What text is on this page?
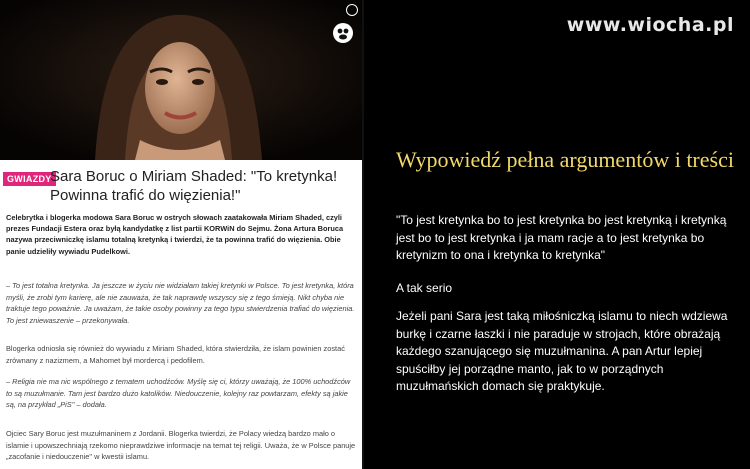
GWIAZDY
Sara Boruc o Miriam Shaded: "To kretynka! Powinna trafić do więzienia!"
Celebrytka i blogerka modowa Sara Boruc w ostrych słowach zaatakowała Miriam Shaded, czyli prezes Fundacji Estera oraz byłą kandydatkę z list partii KORWiN do Sejmu. Żona Artura Boruca nazywa przeciwniczkę islamu totalną kretynką i twierdzi, że ta powinna trafić do więzienia. Obie panie udzieliły wywiadu Pudelkowi.
– To jest totalna kretynka. Ja jeszcze w życiu nie widziałam takiej kretynki w Polsce. To jest kretynka, która myśli, że zrobi tym karierę, ale nie zauważa, że tak naprawdę wszyscy się z tego śmieją. Nikt chyba nie traktuje tego poważnie. Ja uważam, że takie osoby powinny za tego typu stwierdzenia trafiać do więzienia. To jest zniewaszenie – przekonywała.
Blogerka odniosła się również do wywiadu z Miriam Shaded, która stwierdziła, że islam powinien zostać zrównany z nazizmem, a Mahomet był mordercą i pedofilem.
– Religia nie ma nic wspólnego z tematem uchodźców. Myślę się ci, którzy uważają, że 100% uchodźców to są muzułmanie. Tam jest bardzo dużo katolików. Niedouczenie, kolejny raz powtarzam, efekty są jakie są, na przykład „PiS" – dodała.
Ojciec Sary Boruc jest muzułmaninem z Jordanii. Blogerka twierdzi, że Polacy wiedzą bardzo mało o islamie i upowszechniają rzekomo nieprawdziwe informacje na temat tej religii. Uważa, że w Polsce panuje „zacofanie i niedouczenie" w kwestii islamu.
www.wiocha.pl
Wypowiedź pełna argumentów i treści
"To jest kretynka bo to jest kretynka bo jest kretynką i kretynką jest bo to jest kretynka i ja mam racje a to jest kretynka bo kretynizm to ona i kretynka to kretynka"
A tak serio
Jeżeli pani Sara jest taką miłośniczką islamu to niech wdziewa burkę i czarne łaszki i nie paraduje w strojach, które obrażają każdego szanującego się muzułmanina. A pan Artur lepiej spuściłby jej porządne manto, jak to w porządnych muzułmańskich domach się praktykuje.
